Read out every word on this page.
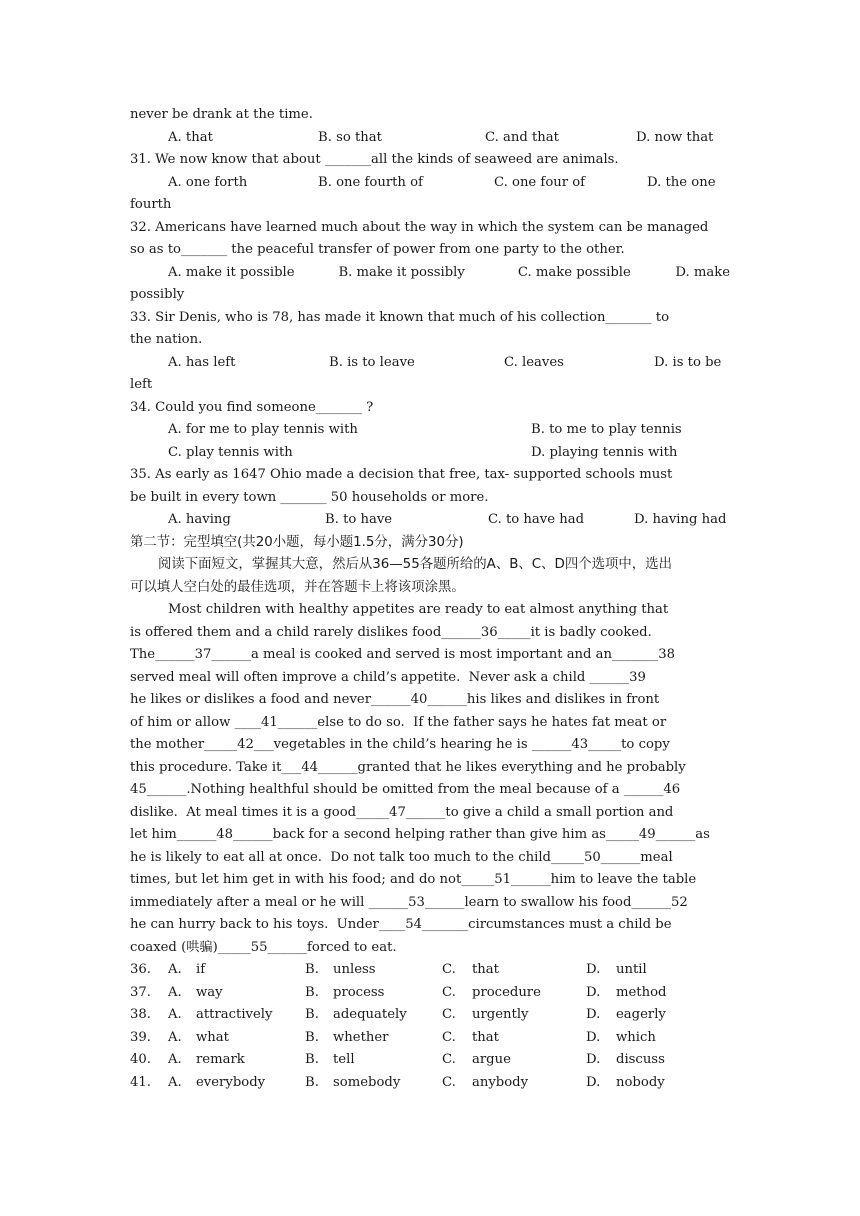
never be drank at the time.
A. that	B. so that	C. and that	D. now that
31. We now know that about _______all the kinds of seaweed are animals.
A. one forth	B. one fourth of	C. one four of	D. the one
fourth
32. Americans have learned much about the way in which the system can be managed
so as to_______ the peaceful transfer of power from one party to the other.
A. make it possible	B. make it possibly	C. make possible	D. make
possibly
33. Sir Denis, who is 78, has made it known that much of his collection_______ to
the nation.
A. has left	B. is to leave	C. leaves	D. is to be
left
34. Could you find someone_______ ?
A. for me to play tennis with	B. to me to play tennis
C. play tennis with	D. playing tennis with
35. As early as 1647 Ohio made a decision that free, tax- supported schools must
be built in every town _______ 50 households or more.
A. having	B. to have	C. to have had	D. having had
第二节：完型填空(共20小题，每小题1.5分，满分30分)
阅读下面短文，掌握其大意，然后从36—55各题所给的A、B、C、D四个选项中，选出
可以填人空白处的最佳选项，并在答题卡上将该项涂黑。
Most children with healthy appetites are ready to eat almost anything that
is offered them and a child rarely dislikes food______36_____it is badly cooked.
The______37______a meal is cooked and served is most important and an_______38
served meal will often improve a child’s appetite.  Never ask a child ______39
he likes or dislikes a food and never______40______his likes and dislikes in front
of him or allow ____41______else to do so.  If the father says he hates fat meat or
the mother_____42___vegetables in the child’s hearing he is ______43_____to copy
this procedure. Take it___44______granted that he likes everything and he probably
45______.Nothing healthful should be omitted from the meal because of a ______46
dislike.  At meal times it is a good_____47______to give a child a small portion and
let him______48______back for a second helping rather than give him as_____49______as
he is likely to eat all at once.  Do not talk too much to the child_____50______meal
times, but let him get in with his food; and do not_____51______him to leave the table
immediately after a meal or he will ______53______learn to swallow his food______52
he can hurry back to his toys.  Under____54_______circumstances must a child be
coaxed (哄骗)_____55______forced to eat.
36.	A.	if	B.	unless	C.	that	D.	until
37.	A.	way	B.	process	C.	procedure	D.	method
38.	A.	attractively	B.	adequately	C.	urgently	D.	eagerly
39.	A.	what	B.	whether	C.	that	D.	which
40.	A.	remark	B.	tell	C.	argue	D.	discuss
41.	A.	everybody	B.	somebody	C.	anybody	D.	nobody
